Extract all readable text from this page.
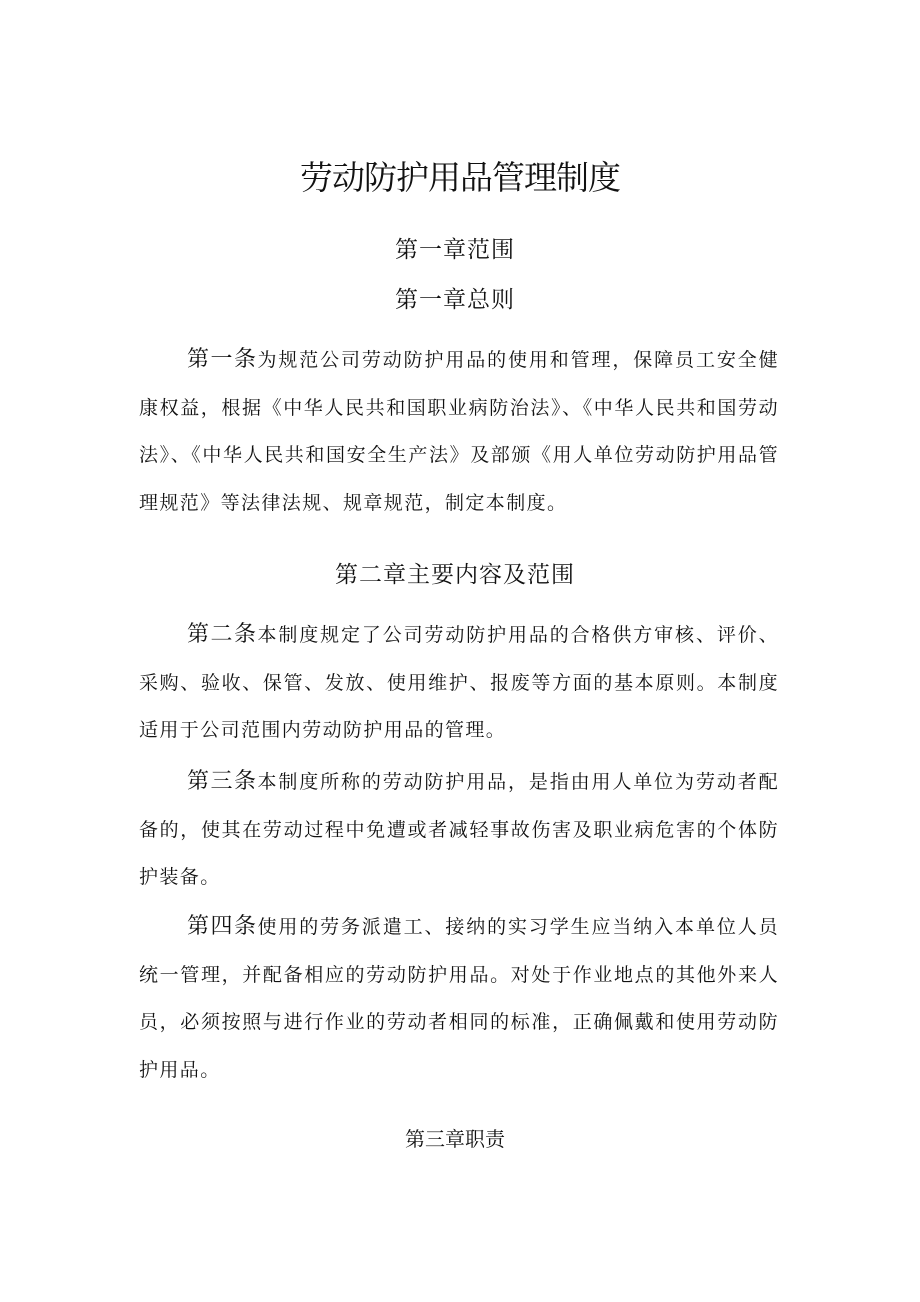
劳动防护用品管理制度
第一章范围
第一章总则

第一条为规范公司劳动防护用品的使用和管理，保障员工安全健康权益，根据《中华人民共和国职业病防治法》、《中华人民共和国劳动法》、《中华人民共和国安全生产法》及部颁《用人单位劳动防护用品管理规范》等法律法规、规章规范，制定本制度。

第二章主要内容及范围

第二条本制度规定了公司劳动防护用品的合格供方审核、评价、采购、验收、保管、发放、使用维护、报废等方面的基本原则。本制度适用于公司范围内劳动防护用品的管理。

第三条本制度所称的劳动防护用品，是指由用人单位为劳动者配备的，使其在劳动过程中免遭或者减轻事故伤害及职业病危害的个体防护装备。

第四条使用的劳务派遣工、接纳的实习学生应当纳入本单位人员统一管理，并配备相应的劳动防护用品。对处于作业地点的其他外来人员，必须按照与进行作业的劳动者相同的标准，正确佩戴和使用劳动防护用品。

第三章职责
